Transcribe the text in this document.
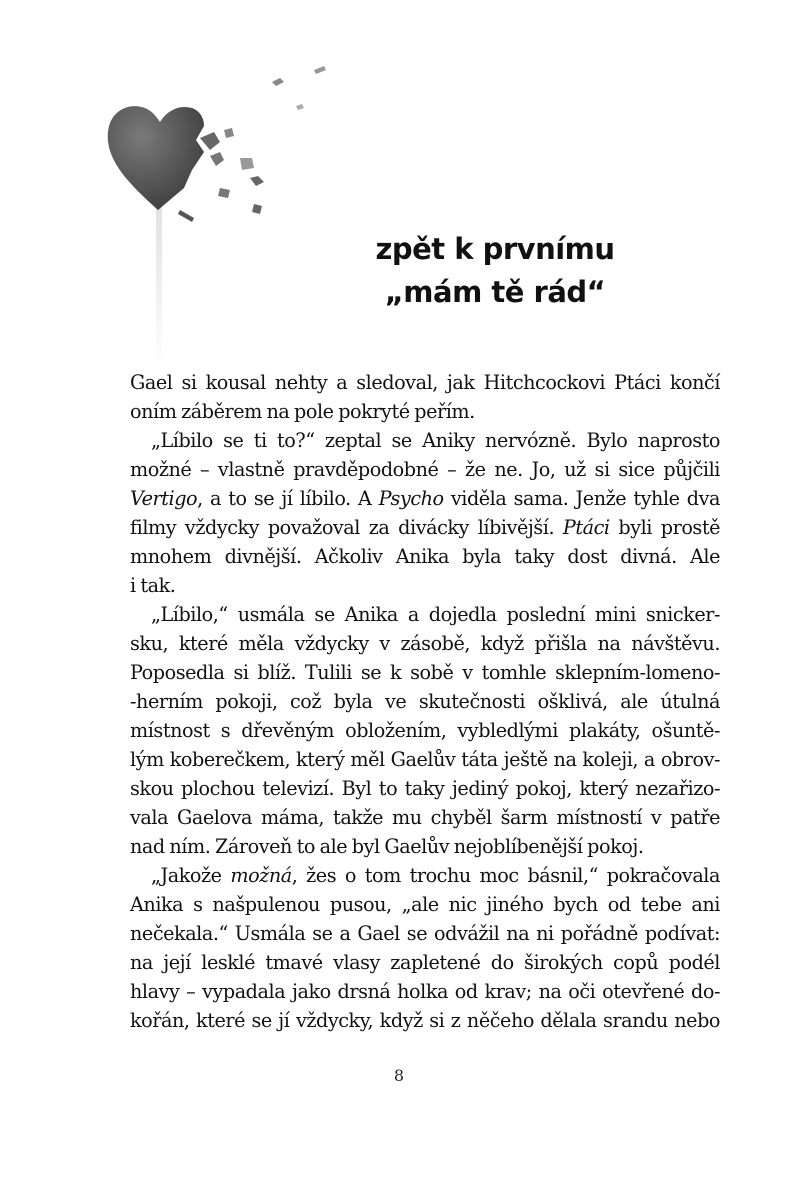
zpět k prvnímu
„mám tě rád“
Gael si kousal nehty a sledoval, jak Hitchcockovi Ptáci končí
oním záběrem na pole pokryté peřím.
„Líbilo se ti to?“ zeptal se Aniky nervózně. Bylo naprosto
možné – vlastně pravděpodobné – že ne. Jo, už si sice půjčili
Vertigo, a to se jí líbilo. A Psycho viděla sama. Jenže tyhle dva
filmy vždycky považoval za divácky líbivější. Ptáci byli prostě
mnohem divnější. Ačkoliv Anika byla taky dost divná. Ale
i tak.
„Líbilo,“ usmála se Anika a dojedla poslední mini snicker-
sku, které měla vždycky v zásobě, když přišla na návštěvu.
Poposedla si blíž. Tulili se k sobě v tomhle sklepním-lomeno-
-herním pokoji, což byla ve skutečnosti ošklivá, ale útulná
místnost s dřevěným obložením, vybledlými plakáty, ošuntě-
lým koberečkem, který měl Gaelův táta ještě na koleji, a obrov-
skou plochou televizí. Byl to taky jediný pokoj, který nezařizo-
vala Gaelova máma, takže mu chyběl šarm místností v patře
nad ním. Zároveň to ale byl Gaelův nejoblíbenější pokoj.
„Jakože možná, žes o tom trochu moc básnil,“ pokračovala
Anika s našpulenou pusou, „ale nic jiného bych od tebe ani
nečekala.“ Usmála se a Gael se odvážil na ni pořádně podívat:
na její lesklé tmavé vlasy zapletené do širokých copů podél
hlavy – vypadala jako drsná holka od krav; na oči otevřené do-
kořán, které se jí vždycky, když si z něčeho dělala srandu nebo
8
